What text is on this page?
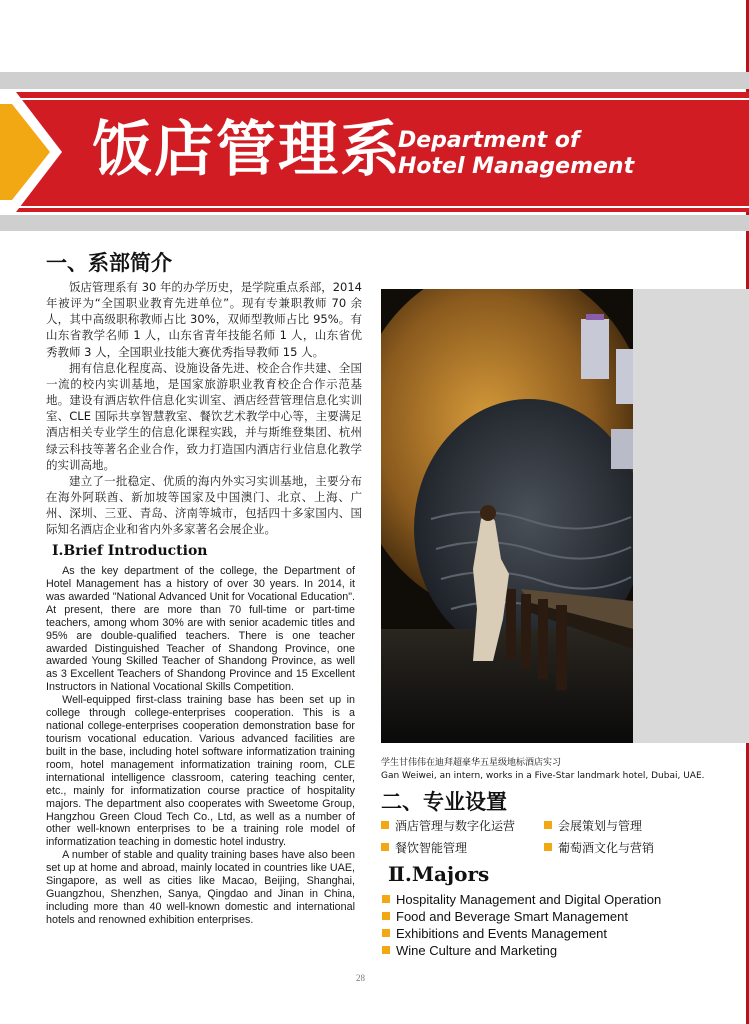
饭店管理系
Department of
Hotel Management
一、系部简介

饭店管理系有 30 年的办学历史，是学院重点系部，2014 年被评为“全国职业教育先进单位”。现有专兼职教师 70 余人，其中高级职称教师占比 30%，双师型教师占比 95%。有山东省教学名师 1 人，山东省青年技能名师 1 人，山东省优秀教师 3 人，全国职业技能大赛优秀指导教师 15 人。

拥有信息化程度高、设施设备先进、校企合作共建、全国一流的校内实训基地，是国家旅游职业教育校企合作示范基地。建设有酒店软件信息化实训室、酒店经营管理信息化实训室、CLE 国际共享智慧教室、餐饮艺术教学中心等，主要满足酒店相关专业学生的信息化课程实践，并与斯维登集团、杭州绿云科技等著名企业合作，致力打造国内酒店行业信息化教学的实训高地。

建立了一批稳定、优质的海内外实习实训基地，主要分布在海外阿联酋、新加坡等国家及中国澳门、北京、上海、广州、深圳、三亚、青岛、济南等城市，包括四十多家国内、国际知名酒店企业和省内外多家著名会展企业。

Ⅰ.Brief Introduction

As the key department of the college, the Department of Hotel Management has a history of over 30 years. In 2014, it was awarded "National Advanced Unit for Vocational Education". At present, there are more than 70 full-time or part-time teachers, among whom 30% are with senior academic titles and 95% are double-qualified teachers. There is one teacher awarded Distinguished Teacher of Shandong Province, one awarded Young Skilled Teacher of Shandong Province, as well as 3 Excellent Teachers of Shandong Province and 15 Excellent Instructors in National Vocational Skills Competition.

Well-equipped first-class training base has been set up in college through college-enterprises cooperation. This is a national college-enterprises cooperation demonstration base for tourism vocational education. Various advanced facilities are built in the base, including hotel software informatization training room, hotel management informatization training room, CLE international intelligence classroom, catering teaching center, etc., mainly for informatization course practice of hospitality majors. The department also cooperates with Sweetome Group, Hangzhou Green Cloud Tech Co., Ltd, as well as a number of other well-known enterprises to be a training role model of informatization teaching in domestic hotel industry.

A number of stable and quality training bases have also been set up at home and abroad, mainly located in countries like UAE, Singapore, as well as cities like Macao, Beijing, Shanghai, Guangzhou, Shenzhen, Sanya, Qingdao and Jinan in China, including more than 40 well-known domestic and international hotels and renowned exhibition enterprises.

学生甘伟伟在迪拜超豪华五星级地标酒店实习
Gan Weiwei, an intern, works in a Five-Star landmark hotel, Dubai, UAE.
二、专业设置
酒店管理与数字化运营	会展策划与管理
餐饮智能管理	葡萄酒文化与营销
Ⅱ.Majors
Hospitality Management and Digital Operation
Food and Beverage Smart Management
Exhibitions and Events Management
Wine Culture and Marketing
28
